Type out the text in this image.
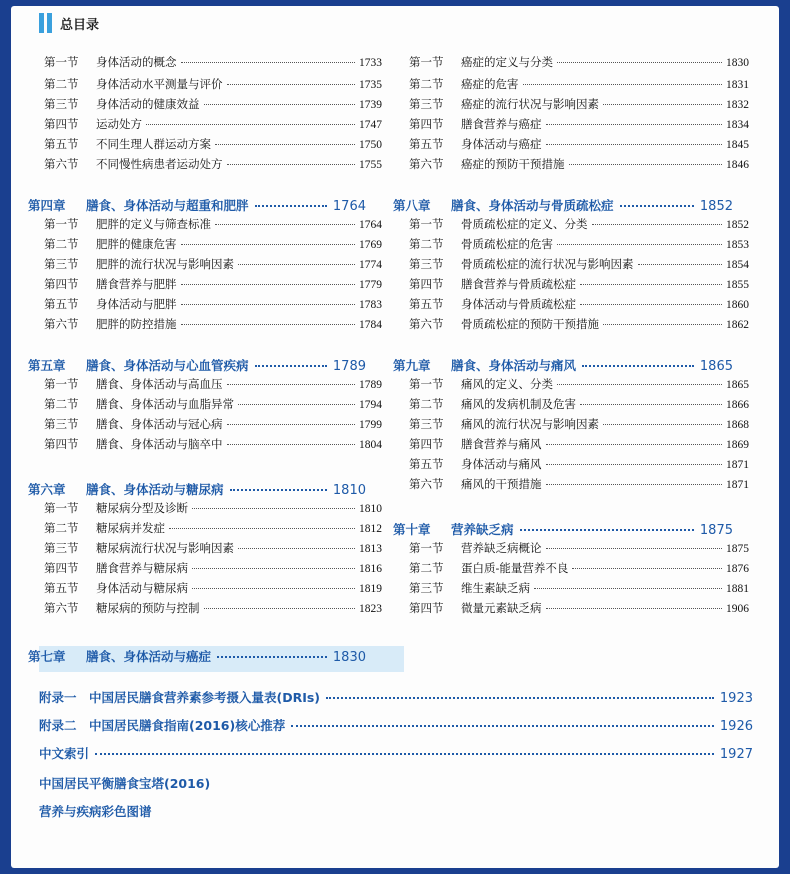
总目录
第一节	身体活动的概念	1733
第二节	身体活动水平测量与评价	1735
第三节	身体活动的健康效益	1739
第四节	运动处方	1747
第五节	不同生理人群运动方案	1750
第六节	不同慢性病患者运动处方	1755
第四章	膳食、身体活动与超重和肥胖	1764
第一节	肥胖的定义与筛查标准	1764
第二节	肥胖的健康危害	1769
第三节	肥胖的流行状况与影响因素	1774
第四节	膳食营养与肥胖	1779
第五节	身体活动与肥胖	1783
第六节	肥胖的防控措施	1784
第五章	膳食、身体活动与心血管疾病	1789
第一节	膳食、身体活动与高血压	1789
第二节	膳食、身体活动与血脂异常	1794
第三节	膳食、身体活动与冠心病	1799
第四节	膳食、身体活动与脑卒中	1804
第六章	膳食、身体活动与糖尿病	1810
第一节	糖尿病分型及诊断	1810
第二节	糖尿病并发症	1812
第三节	糖尿病流行状况与影响因素	1813
第四节	膳食营养与糖尿病	1816
第五节	身体活动与糖尿病	1819
第六节	糖尿病的预防与控制	1823
第七章	膳食、身体活动与癌症	1830
第一节	癌症的定义与分类	1830
第二节	癌症的危害	1831
第三节	癌症的流行状况与影响因素	1832
第四节	膳食营养与癌症	1834
第五节	身体活动与癌症	1845
第六节	癌症的预防干预措施	1846
第八章	膳食、身体活动与骨质疏松症	1852
第一节	骨质疏松症的定义、分类	1852
第二节	骨质疏松症的危害	1853
第三节	骨质疏松症的流行状况与影响因素	1854
第四节	膳食营养与骨质疏松症	1855
第五节	身体活动与骨质疏松症	1860
第六节	骨质疏松症的预防干预措施	1862
第九章	膳食、身体活动与痛风	1865
第一节	痛风的定义、分类	1865
第二节	痛风的发病机制及危害	1866
第三节	痛风的流行状况与影响因素	1868
第四节	膳食营养与痛风	1869
第五节	身体活动与痛风	1871
第六节	痛风的干预措施	1871
第十章	营养缺乏病	1875
第一节	营养缺乏病概论	1875
第二节	蛋白质-能量营养不良	1876
第三节	维生素缺乏病	1881
第四节	微量元素缺乏病	1906
附录一　中国居民膳食营养素参考摄入量表(DRIs)	1923
附录二　中国居民膳食指南(2016)核心推荐	1926
中文索引	1927
中国居民平衡膳食宝塔(2016)
营养与疾病彩色图谱
